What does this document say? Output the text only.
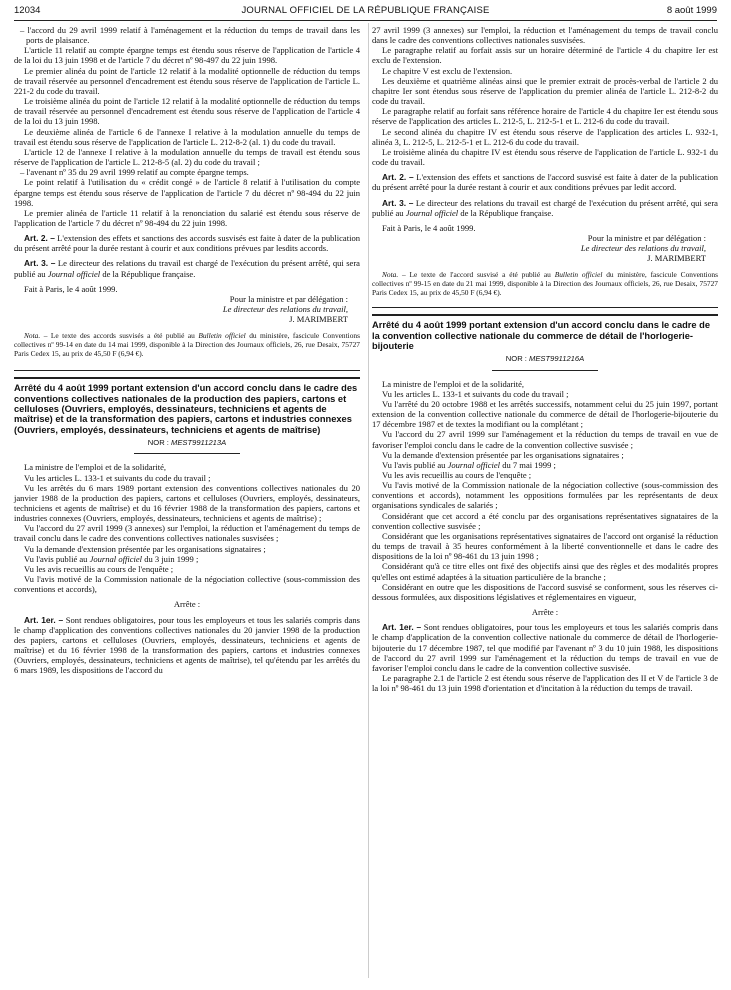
12034	JOURNAL OFFICIEL DE LA RÉPUBLIQUE FRANÇAISE	8 août 1999

– l'accord du 29 avril 1999 relatif à l'aménagement et la réduction du temps de travail dans les ports de plaisance.

L'article 11 relatif au compte épargne temps est étendu sous réserve de l'application de l'article 4 de la loi du 13 juin 1998 et de l'article 7 du décret nº 98-497 du 22 juin 1998.

Le premier alinéa du point de l'article 12 relatif à la modalité optionnelle de réduction du temps de travail réservée au personnel d'encadrement est étendu sous réserve de l'application de l'article L. 221-2 du code du travail.

Le troisième alinéa du point de l'article 12 relatif à la modalité optionnelle de réduction du temps de travail réservée au personnel d'encadrement est étendu sous réserve de l'application de l'article 4 de la loi du 13 juin 1998.

Le deuxième alinéa de l'article 6 de l'annexe I relative à la modulation annuelle du temps de travail est étendu sous réserve de l'application de l'article L. 212-8-2 (al. 1) du code du travail.

L'article 12 de l'annexe I relative à la modulation annuelle du temps de travail est étendu sous réserve de l'application de l'article L. 212-8-5 (al. 2) du code du travail ;

– l'avenant nº 35 du 29 avril 1999 relatif au compte épargne temps.

Le point relatif à l'utilisation du « crédit congé » de l'article 8 relatif à l'utilisation du compte épargne temps est étendu sous réserve de l'application de l'article 7 du décret nº 98-494 du 22 juin 1998.

Le premier alinéa de l'article 11 relatif à la renonciation du salarié est étendu sous réserve de l'application de l'article 7 du décret nº 98-494 du 22 juin 1998.

Art. 2. – L'extension des effets et sanctions des accords susvisés est faite à dater de la publication du présent arrêté pour la durée restant à courir et aux conditions prévues par lesdits accords.

Art. 3. – Le directeur des relations du travail est chargé de l'exécution du présent arrêté, qui sera publié au Journal officiel de la République française.

Fait à Paris, le 4 août 1999.

Pour la ministre et par délégation :

Le directeur des relations du travail,

J. MARIMBERT

Nota. – Le texte des accords susvisés a été publié au Bulletin officiel du ministère, fascicule Conventions collectives nº 99-14 en date du 14 mai 1999, disponible à la Direction des Journaux officiels, 26, rue Desaix, 75727 Paris Cedex 15, au prix de 45,50 F (6,94 €).

Arrêté du 4 août 1999 portant extension d'un accord conclu dans le cadre des conventions collectives nationales de la production des papiers, cartons et celluloses (Ouvriers, employés, dessinateurs, techniciens et agents de maîtrise) et de la transformation des papiers, cartons et industries connexes (Ouvriers, employés, dessinateurs, techniciens et agents de maîtrise)

NOR : MEST9911213A

La ministre de l'emploi et de la solidarité,

Vu les articles L. 133-1 et suivants du code du travail ;

Vu les arrêtés du 6 mars 1989 portant extension des conventions collectives nationales du 20 janvier 1988 de la production des papiers, cartons et celluloses (Ouvriers, employés, dessinateurs, techniciens et agents de maîtrise) et du 16 février 1988 de la transformation des papiers, cartons et industries connexes (Ouvriers, employés, dessinateurs, techniciens et agents de maîtrise) ;

Vu l'accord du 27 avril 1999 (3 annexes) sur l'emploi, la réduction et l'aménagement du temps de travail conclu dans le cadre des conventions collectives nationales susvisées ;

Vu la demande d'extension présentée par les organisations signataires ;

Vu l'avis publié au Journal officiel du 3 juin 1999 ;

Vu les avis recueillis au cours de l'enquête ;

Vu l'avis motivé de la Commission nationale de la négociation collective (sous-commission des conventions et accords),

Arrête :

Art. 1er. – Sont rendues obligatoires, pour tous les employeurs et tous les salariés compris dans le champ d'application des conventions collectives nationales du 20 janvier 1998 de la production des papiers, cartons et celluloses (Ouvriers, employés, dessinateurs, techniciens et agents de maîtrise) et du 16 février 1998 de la transformation des papiers, cartons et industries connexes (Ouvriers, employés, dessinateurs, techniciens et agents de maîtrise), tel qu'étendu par les arrêtés du 6 mars 1989, les dispositions de l'accord du

27 avril 1999 (3 annexes) sur l'emploi, la réduction et l'aménagement du temps de travail conclu dans le cadre des conventions collectives nationales susvisées.

Le paragraphe relatif au forfait assis sur un horaire déterminé de l'article 4 du chapitre Ier est exclu de l'extension.

Le chapitre V est exclu de l'extension.

Les deuxième et quatrième alinéas ainsi que le premier extrait de procès-verbal de l'article 2 du chapitre Ier sont étendus sous réserve de l'application du premier alinéa de l'article L. 212-8-2 du code du travail.

Le paragraphe relatif au forfait sans référence horaire de l'article 4 du chapitre Ier est étendu sous réserve de l'application des articles L. 212-5, L. 212-5-1 et L. 212-6 du code du travail.

Le second alinéa du chapitre IV est étendu sous réserve de l'application des articles L. 932-1, alinéa 3, L. 212-5, L. 212-5-1 et L. 212-6 du code du travail.

Le troisième alinéa du chapitre IV est étendu sous réserve de l'application de l'article L. 932-1 du code du travail.

Art. 2. – L'extension des effets et sanctions de l'accord susvisé est faite à dater de la publication du présent arrêté pour la durée restant à courir et aux conditions prévues par ledit accord.

Art. 3. – Le directeur des relations du travail est chargé de l'exécution du présent arrêté, qui sera publié au Journal officiel de la République française.

Fait à Paris, le 4 août 1999.

Pour la ministre et par délégation :

Le directeur des relations du travail,

J. MARIMBERT

Nota. – Le texte de l'accord susvisé a été publié au Bulletin officiel du ministère, fascicule Conventions collectives nº 99-15 en date du 21 mai 1999, disponible à la Direction des Journaux officiels, 26, rue Desaix, 75727 Paris Cedex 15, au prix de 45,50 F (6,94 €).

Arrêté du 4 août 1999 portant extension d'un accord conclu dans le cadre de la convention collective nationale du commerce de détail de l'horlogerie-bijouterie

NOR : MEST9911216A

La ministre de l'emploi et de la solidarité,

Vu les articles L. 133-1 et suivants du code du travail ;

Vu l'arrêté du 20 octobre 1988 et les arrêtés successifs, notamment celui du 25 juin 1997, portant extension de la convention collective nationale du commerce de détail de l'horlogerie-bijouterie du 17 décembre 1987 et de textes la modifiant ou la complétant ;

Vu l'accord du 27 avril 1999 sur l'aménagement et la réduction du temps de travail en vue de favoriser l'emploi conclu dans le cadre de la convention collective susvisée ;

Vu la demande d'extension présentée par les organisations signataires ;

Vu l'avis publié au Journal officiel du 7 mai 1999 ;

Vu les avis recueillis au cours de l'enquête ;

Vu l'avis motivé de la Commission nationale de la négociation collective (sous-commission des conventions et accords), notamment les oppositions formulées par les représentants de deux organisations syndicales de salariés ;

Considérant que cet accord a été conclu par des organisations représentatives signataires de la convention collective susvisée ;

Considérant que les organisations représentatives signataires de l'accord ont organisé la réduction du temps de travail à 35 heures conformément à la liberté conventionnelle et dans le cadre des dispositions de la loi nº 98-461 du 13 juin 1998 ;

Considérant qu'à ce titre elles ont fixé des objectifs ainsi que des règles et des modalités propres qu'elles ont estimé adaptées à la situation particulière de la branche ;

Considérant en outre que les dispositions de l'accord susvisé se conforment, sous les réserves ci-dessous formulées, aux dispositions législatives et réglementaires en vigueur,

Arrête :

Art. 1er. – Sont rendues obligatoires, pour tous les employeurs et tous les salariés compris dans le champ d'application de la convention collective nationale du commerce de détail de l'horlogerie-bijouterie du 17 décembre 1987, tel que modifié par l'avenant nº 3 du 10 juin 1988, les dispositions de l'accord du 27 avril 1999 sur l'aménagement et la réduction du temps de travail en vue de favoriser l'emploi conclu dans le cadre de la convention collective susvisée.

Le paragraphe 2.1 de l'article 2 est étendu sous réserve de l'application des II et V de l'article 3 de la loi nº 98-461 du 13 juin 1998 d'orientation et d'incitation à la réduction du temps de travail.
